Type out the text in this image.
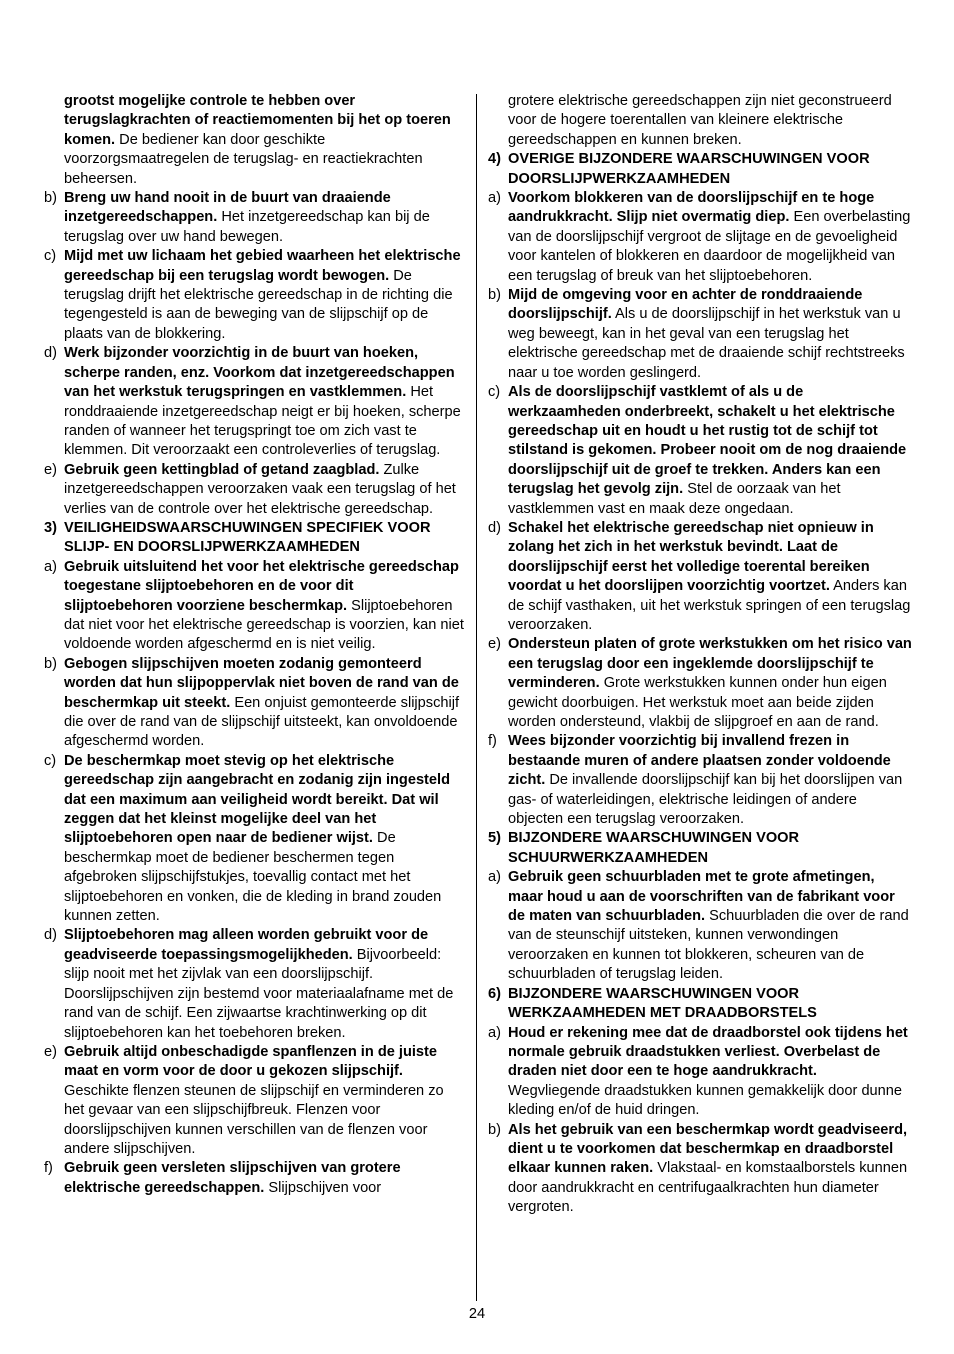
grootst mogelijke controle te hebben over terugslagkrachten of reactiemomenten bij het op toeren komen. De bediener kan door geschikte voorzorgsmaatregelen de terugslag- en reactiekrachten beheersen.

b) Breng uw hand nooit in de buurt van draaiende inzetgereedschappen. Het inzetgereedschap kan bij de terugslag over uw hand bewegen.

c) Mijd met uw lichaam het gebied waarheen het elektrische gereedschap bij een terugslag wordt bewogen. De terugslag drijft het elektrische gereedschap in de richting die tegengesteld is aan de beweging van de slijpschijf op de plaats van de blokkering.

d) Werk bijzonder voorzichtig in de buurt van hoeken, scherpe randen, enz. Voorkom dat inzetgereedschappen van het werkstuk terugspringen en vastklemmen. Het ronddraaiende inzetgereedschap neigt er bij hoeken, scherpe randen of wanneer het terugspringt toe om zich vast te klemmen. Dit veroorzaakt een controleverlies of terugslag.

e) Gebruik geen kettingblad of getand zaagblad. Zulke inzetgereedschappen veroorzaken vaak een terugslag of het verlies van de controle over het elektrische gereedschap.

3) VEILIGHEIDSWAARSCHUWINGEN SPECIFIEK VOOR SLIJP- EN DOORSLIJPWERKZAAMHEDEN

a) Gebruik uitsluitend het voor het elektrische gereedschap toegestane slijptoebehoren en de voor dit slijptoebehoren voorziene beschermkap. Slijptoebehoren dat niet voor het elektrische gereedschap is voorzien, kan niet voldoende worden afgeschermd en is niet veilig.

b) Gebogen slijpschijven moeten zodanig gemonteerd worden dat hun slijpoppervlak niet boven de rand van de beschermkap uit steekt. Een onjuist gemonteerde slijpschijf die over de rand van de slijpschijf uitsteekt, kan onvoldoende afgeschermd worden.

c) De beschermkap moet stevig op het elektrische gereedschap zijn aangebracht en zodanig zijn ingesteld dat een maximum aan veiligheid wordt bereikt. Dat wil zeggen dat het kleinst mogelijke deel van het slijptoebehoren open naar de bediener wijst. De beschermkap moet de bediener beschermen tegen afgebroken slijpschijfstukjes, toevallig contact met het slijptoebehoren en vonken, die de kleding in brand zouden kunnen zetten.

d) Slijptoebehoren mag alleen worden gebruikt voor de geadviseerde toepassingsmogelijkheden. Bijvoorbeeld: slijp nooit met het zijvlak van een doorslijpschijf. Doorslijpschijven zijn bestemd voor materiaalafname met de rand van de schijf. Een zijwaartse krachtinwerking op dit slijptoebehoren kan het toebehoren breken.

e) Gebruik altijd onbeschadigde spanflenzen in de juiste maat en vorm voor de door u gekozen slijpschijf. Geschikte flenzen steunen de slijpschijf en verminderen zo het gevaar van een slijpschijfbreuk. Flenzen voor doorslijpschijven kunnen verschillen van de flenzen voor andere slijpschijven.

f) Gebruik geen versleten slijpschijven van grotere elektrische gereedschappen. Slijpschijven voor

grotere elektrische gereedschappen zijn niet geconstrueerd voor de hogere toerentallen van kleinere elektrische gereedschappen en kunnen breken.

4) OVERIGE BIJZONDERE WAARSCHUWINGEN VOOR DOORSLIJPWERKZAAMHEDEN

a) Voorkom blokkeren van de doorslijpschijf en te hoge aandrukkracht. Slijp niet overmatig diep. Een overbelasting van de doorslijpschijf vergroot de slijtage en de gevoeligheid voor kantelen of blokkeren en daardoor de mogelijkheid van een terugslag of breuk van het slijptoebehoren.

b) Mijd de omgeving voor en achter de ronddraaiende doorslijpschijf. Als u de doorslijpschijf in het werkstuk van u weg beweegt, kan in het geval van een terugslag het elektrische gereedschap met de draaiende schijf rechtstreeks naar u toe worden geslingerd.

c) Als de doorslijpschijf vastklemt of als u de werkzaamheden onderbreekt, schakelt u het elektrische gereedschap uit en houdt u het rustig tot de schijf tot stilstand is gekomen. Probeer nooit om de nog draaiende doorslijpschijf uit de groef te trekken. Anders kan een terugslag het gevolg zijn. Stel de oorzaak van het vastklemmen vast en maak deze ongedaan.

d) Schakel het elektrische gereedschap niet opnieuw in zolang het zich in het werkstuk bevindt. Laat de doorslijpschijf eerst het volledige toerental bereiken voordat u het doorslijpen voorzichtig voortzet. Anders kan de schijf vasthaken, uit het werkstuk springen of een terugslag veroorzaken.

e) Ondersteun platen of grote werkstukken om het risico van een terugslag door een ingeklemde doorslijpschijf te verminderen. Grote werkstukken kunnen onder hun eigen gewicht doorbuigen. Het werkstuk moet aan beide zijden worden ondersteund, vlakbij de slijpgroef en aan de rand.

f) Wees bijzonder voorzichtig bij invallend frezen in bestaande muren of andere plaatsen zonder voldoende zicht. De invallende doorslijpschijf kan bij het doorslijpen van gas- of waterleidingen, elektrische leidingen of andere objecten een terugslag veroorzaken.

5) BIJZONDERE WAARSCHUWINGEN VOOR SCHUURWERKZAAMHEDEN

a) Gebruik geen schuurbladen met te grote afmetingen, maar houd u aan de voorschriften van de fabrikant voor de maten van schuurbladen. Schuurbladen die over de rand van de steunschijf uitsteken, kunnen verwondingen veroorzaken en kunnen tot blokkeren, scheuren van de schuurbladen of terugslag leiden.

6) BIJZONDERE WAARSCHUWINGEN VOOR WERKZAAMHEDEN MET DRAADBORSTELS

a) Houd er rekening mee dat de draadborstel ook tijdens het normale gebruik draadstukken verliest. Overbelast de draden niet door een te hoge aandrukkracht. Wegvliegende draadstukken kunnen gemakkelijk door dunne kleding en/of de huid dringen.

b) Als het gebruik van een beschermkap wordt geadviseerd, dient u te voorkomen dat beschermkap en draadborstel elkaar kunnen raken. Vlakstaal- en komstaalborstels kunnen door aandrukkracht en centrifugaalkrachten hun diameter vergroten.

24
